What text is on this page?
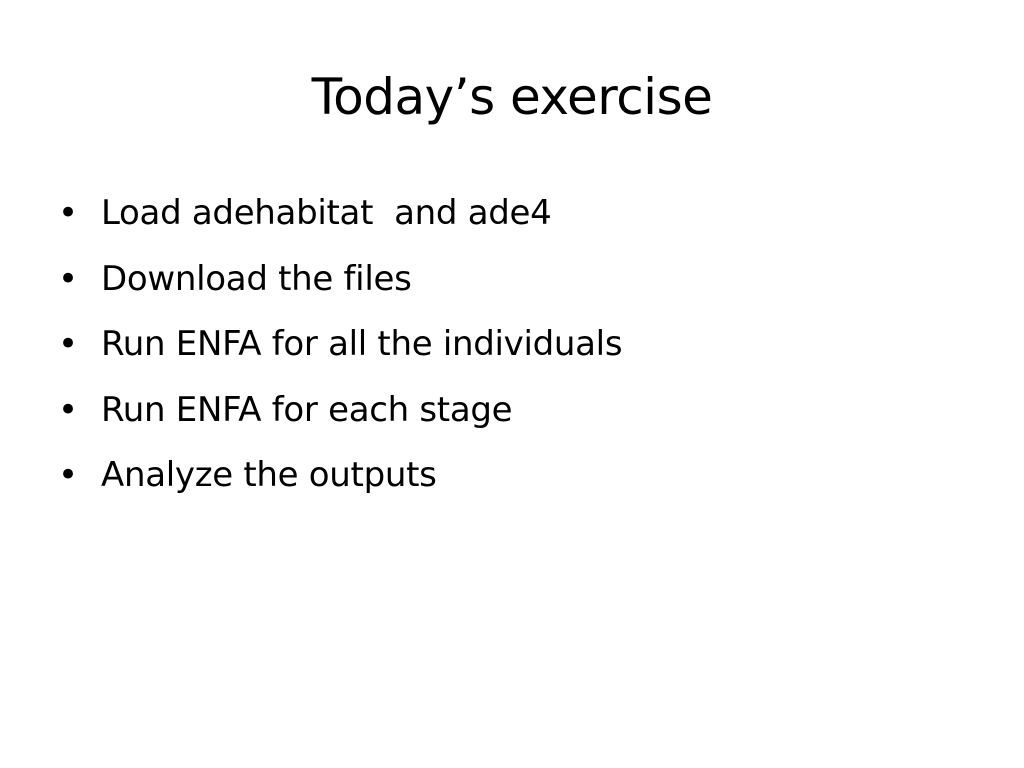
Today’s exercise
• Load adehabitat  and ade4
• Download the files
• Run ENFA for all the individuals
• Run ENFA for each stage
• Analyze the outputs
